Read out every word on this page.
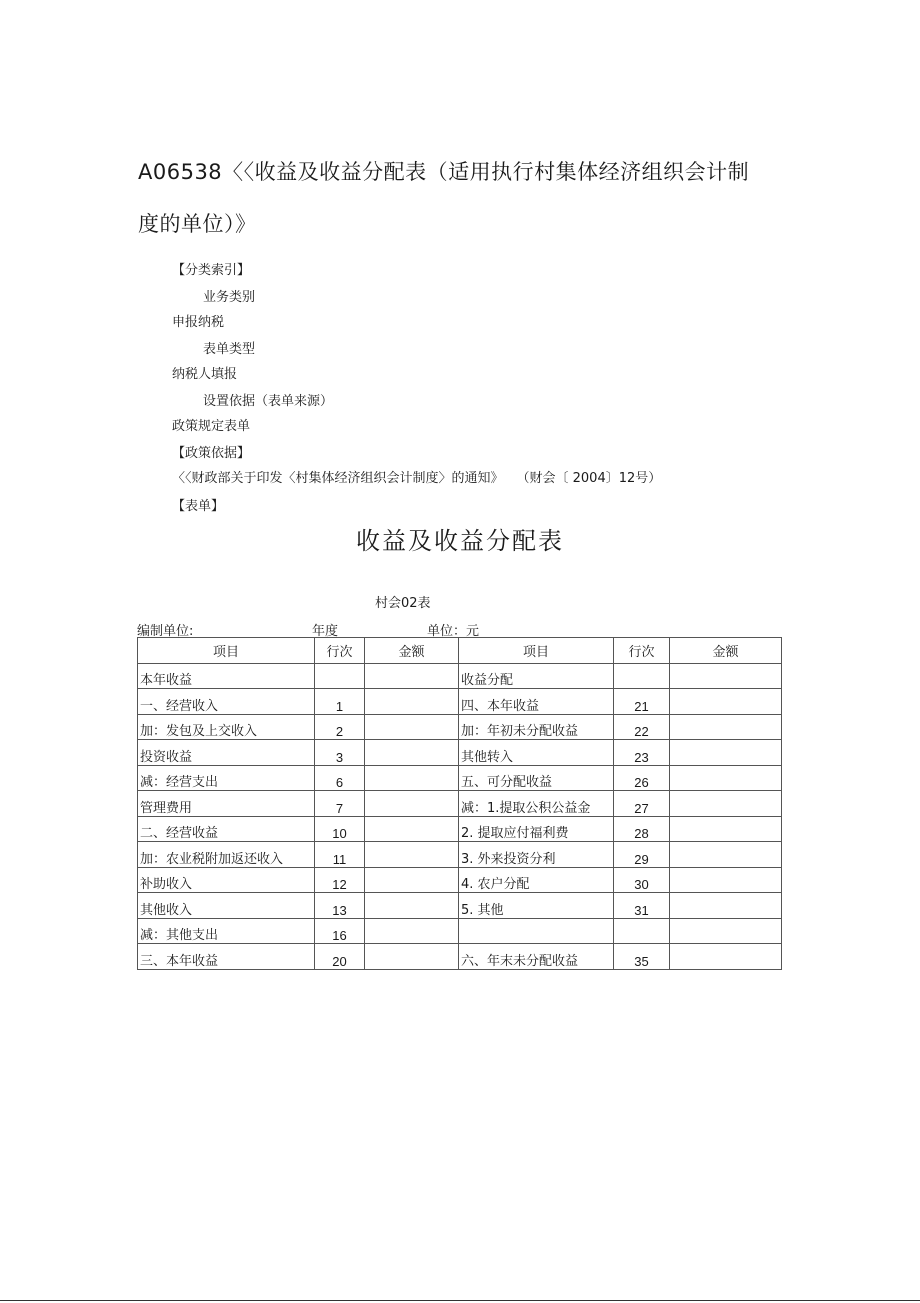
A06538〈〈收益及收益分配表（适用执行村集体经济组织会计制度的单位）》
【分类索引】
业务类别
申报纳税
表单类型
纳税人填报
设置依据（表单来源）
政策规定表单
【政策依据】
〈〈财政部关于印发〈村集体经济组织会计制度〉的通知》　　（财会〔 2004〕12号）
【表单】
收益及收益分配表
村会02表
编制单位:	年度	单位：元
项目	行次	金额	项目	行次	金额
本年收益			收益分配		
一、经营收入	1		四、本年收益	21	
加：发包及上交收入	2		加：年初未分配收益	22	
投资收益	3		其他转入	23	
减：经营支出	6		五、可分配收益	26	
管理费用	7		减：1.提取公积公益金	27	
二、经营收益	10		2. 提取应付福利费	28	
加：农业税附加返还收入	11		3. 外来投资分利	29	
补助收入	12		4. 农户分配	30	
其他收入	13		5. 其他	31	
减：其他支出	16				
三、本年收益	20		六、年末未分配收益	35	
